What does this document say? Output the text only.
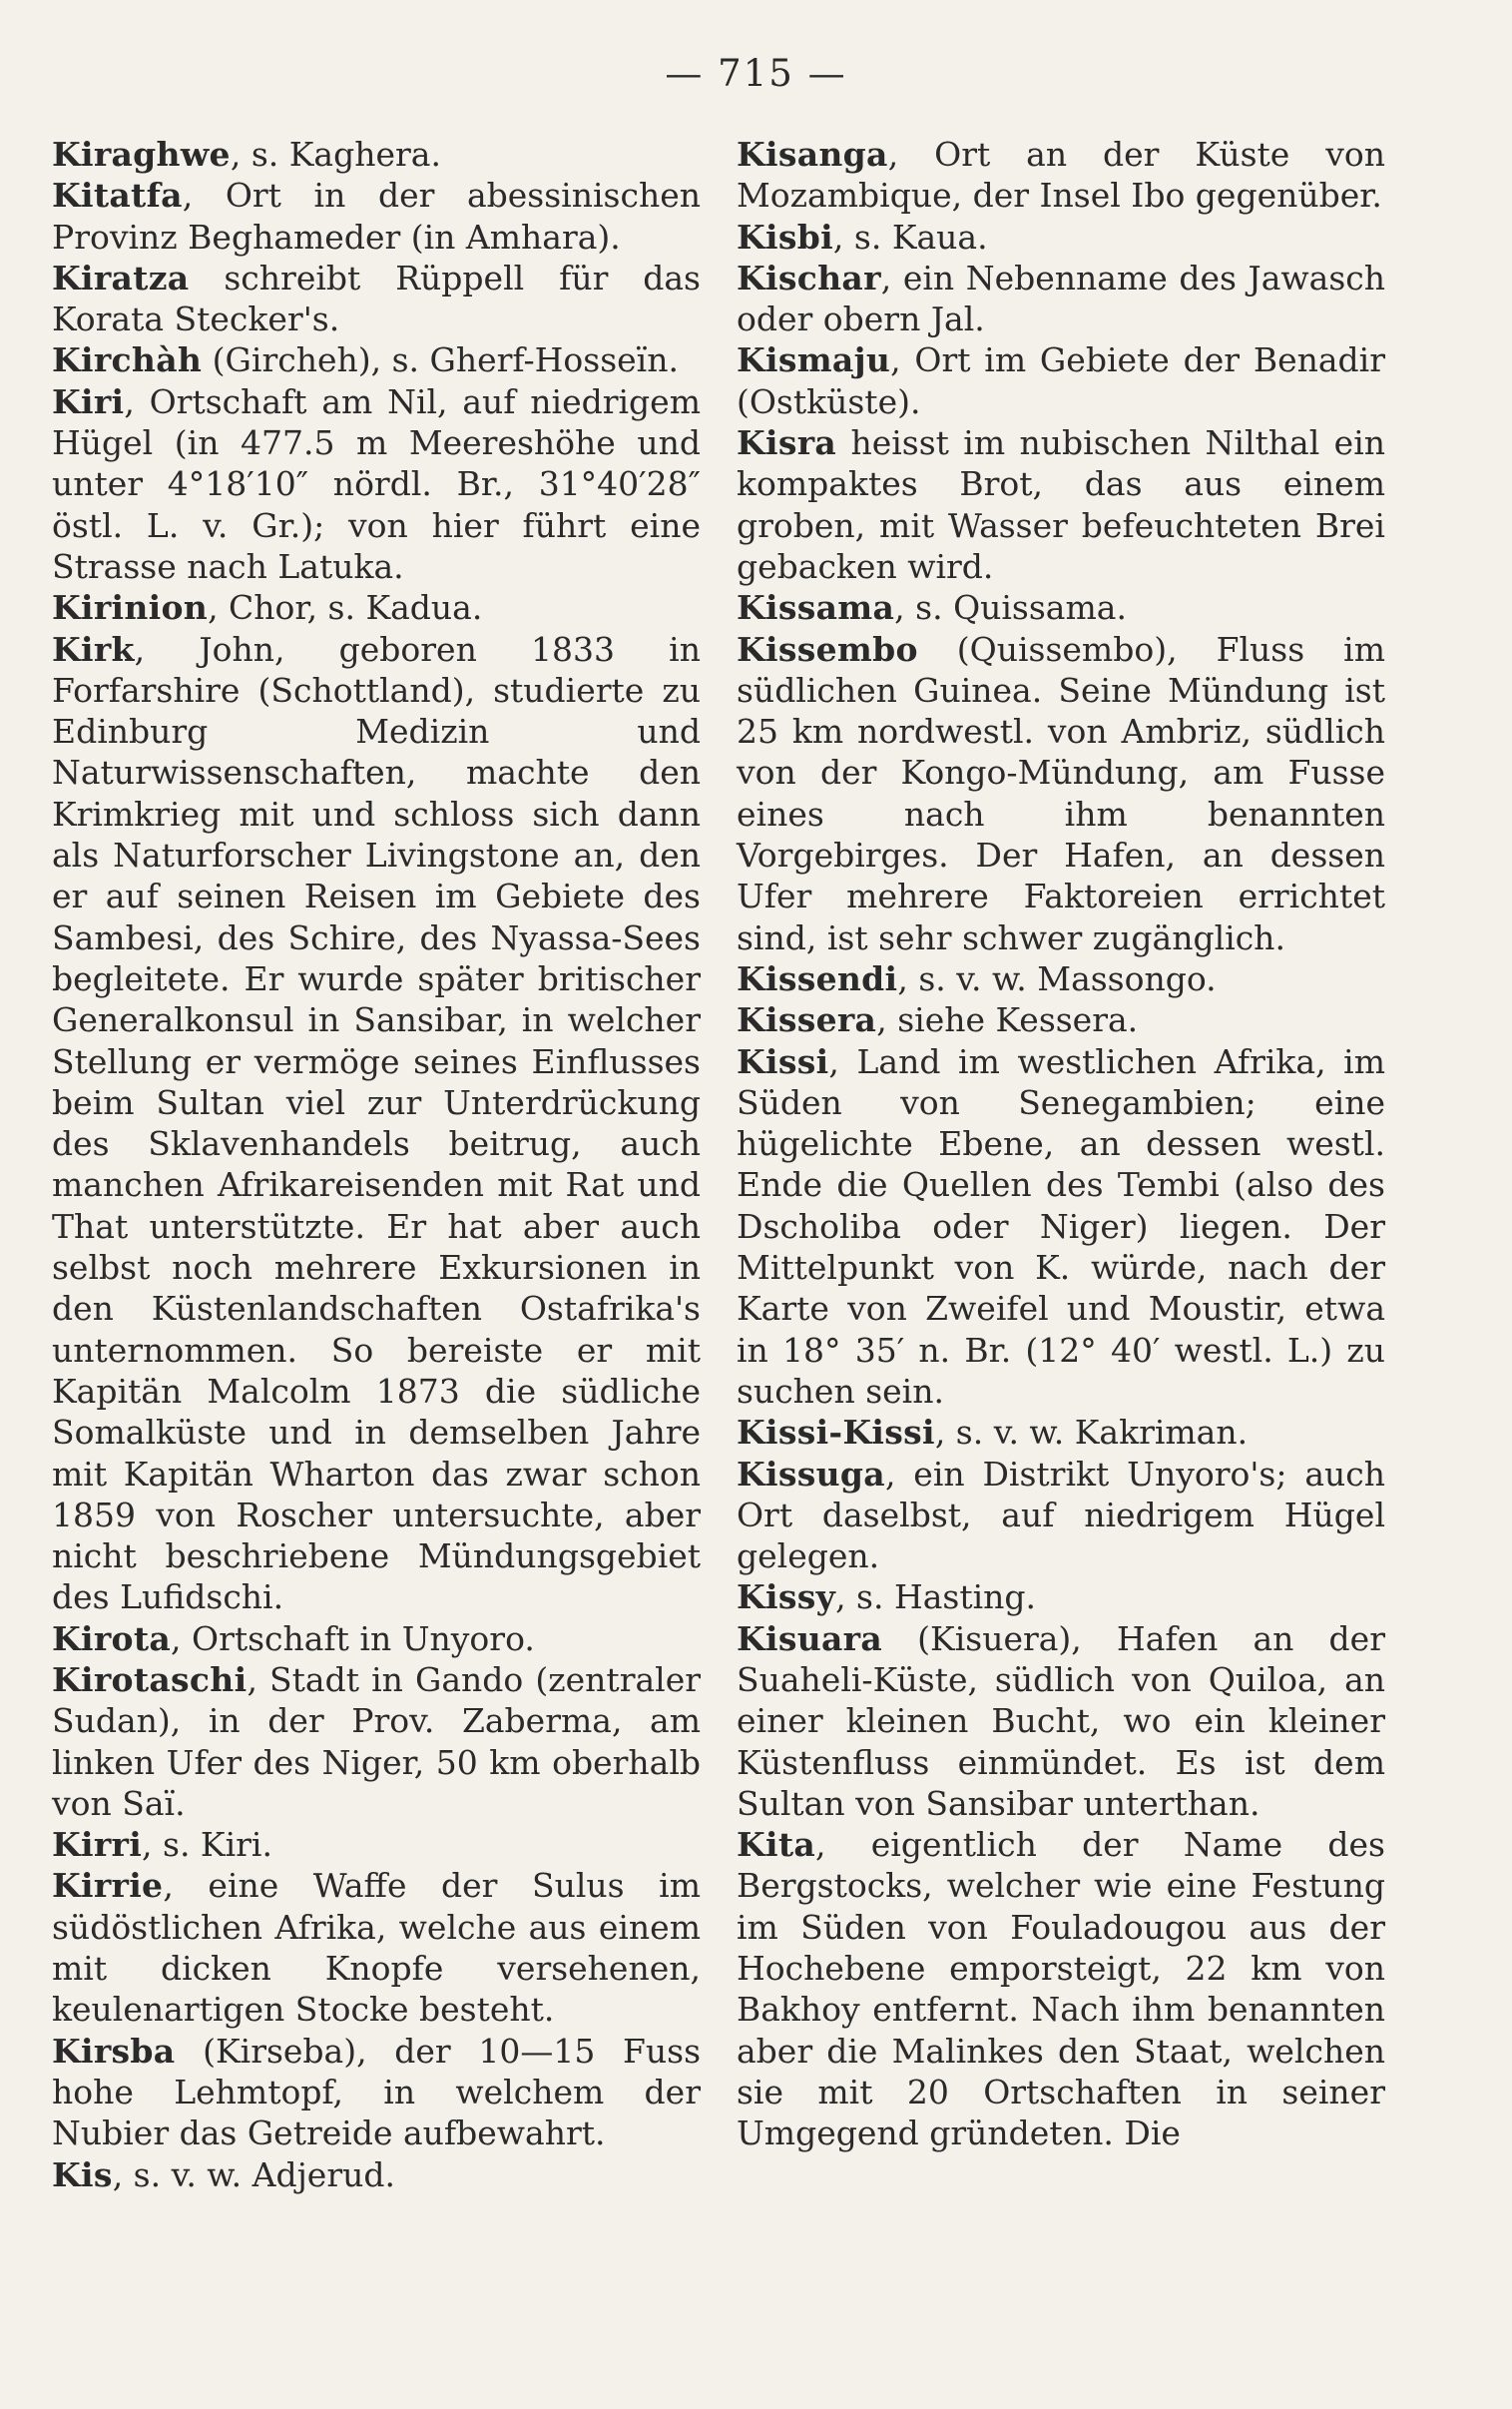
— 715 —

Kiraghwe, s. Kaghera.

Kitatfa, Ort in der abessinischen Provinz Beghameder (in Amhara).

Kiratza schreibt Rüppell für das Korata Stecker's.

Kirchàh (Gircheh), s. Gherf-Hosseïn.

Kiri, Ortschaft am Nil, auf niedrigem Hügel (in 477.5 m Meereshöhe und unter 4°18′10″ nördl. Br., 31°40′28″ östl. L. v. Gr.); von hier führt eine Strasse nach Latuka.

Kirinion, Chor, s. Kadua.

Kirk, John, geboren 1833 in Forfarshire (Schottland), studierte zu Edinburg Medizin und Naturwissenschaften, machte den Krimkrieg mit und schloss sich dann als Naturforscher Livingstone an, den er auf seinen Reisen im Gebiete des Sambesi, des Schire, des Nyassa-Sees begleitete. Er wurde später britischer Generalkonsul in Sansibar, in welcher Stellung er vermöge seines Einflusses beim Sultan viel zur Unterdrückung des Sklavenhandels beitrug, auch manchen Afrikareisenden mit Rat und That unterstützte. Er hat aber auch selbst noch mehrere Exkursionen in den Küstenlandschaften Ostafrika's unternommen. So bereiste er mit Kapitän Malcolm 1873 die südliche Somalküste und in demselben Jahre mit Kapitän Wharton das zwar schon 1859 von Roscher untersuchte, aber nicht beschriebene Mündungsgebiet des Lufidschi.

Kirota, Ortschaft in Unyoro.

Kirotaschi, Stadt in Gando (zentraler Sudan), in der Prov. Zaberma, am linken Ufer des Niger, 50 km oberhalb von Saï.

Kirri, s. Kiri.

Kirrie, eine Waffe der Sulus im südöstlichen Afrika, welche aus einem mit dicken Knopfe versehenen, keulenartigen Stocke besteht.

Kirsba (Kirseba), der 10—15 Fuss hohe Lehmtopf, in welchem der Nubier das Getreide aufbewahrt.

Kis, s. v. w. Adjerud.

Kisanga, Ort an der Küste von Mozambique, der Insel Ibo gegenüber.

Kisbi, s. Kaua.

Kischar, ein Nebenname des Jawasch oder obern Jal.

Kismaju, Ort im Gebiete der Benadir (Ostküste).

Kisra heisst im nubischen Nilthal ein kompaktes Brot, das aus einem groben, mit Wasser befeuchteten Brei gebacken wird.

Kissama, s. Quissama.

Kissembo (Quissembo), Fluss im südlichen Guinea. Seine Mündung ist 25 km nordwestl. von Ambriz, südlich von der Kongo-Mündung, am Fusse eines nach ihm benannten Vorgebirges. Der Hafen, an dessen Ufer mehrere Faktoreien errichtet sind, ist sehr schwer zugänglich.

Kissendi, s. v. w. Massongo.

Kissera, siehe Kessera.

Kissi, Land im westlichen Afrika, im Süden von Senegambien; eine hügelichte Ebene, an dessen westl. Ende die Quellen des Tembi (also des Dscholiba oder Niger) liegen. Der Mittelpunkt von K. würde, nach der Karte von Zweifel und Moustir, etwa in 18° 35′ n. Br. (12° 40′ westl. L.) zu suchen sein.

Kissi-Kissi, s. v. w. Kakriman.

Kissuga, ein Distrikt Unyoro's; auch Ort daselbst, auf niedrigem Hügel gelegen.

Kissy, s. Hasting.

Kisuara (Kisuera), Hafen an der Suaheli-Küste, südlich von Quiloa, an einer kleinen Bucht, wo ein kleiner Küstenfluss einmündet. Es ist dem Sultan von Sansibar unterthan.

Kita, eigentlich der Name des Bergstocks, welcher wie eine Festung im Süden von Fouladougou aus der Hochebene emporsteigt, 22 km von Bakhoy entfernt. Nach ihm benannten aber die Malinkes den Staat, welchen sie mit 20 Ortschaften in seiner Umgegend gründeten. Die
